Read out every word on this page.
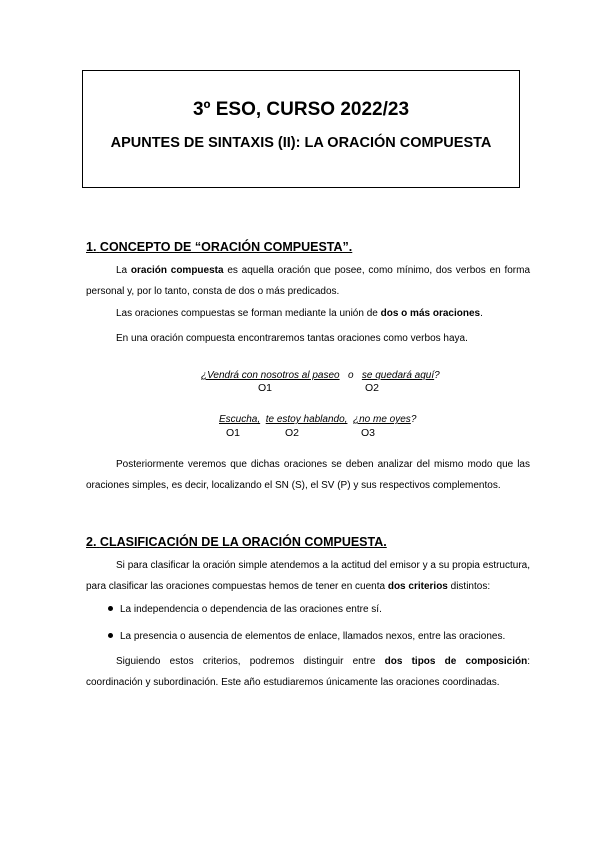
3º ESO, CURSO 2022/23
APUNTES DE SINTAXIS (II): LA ORACIÓN COMPUESTA
1. CONCEPTO DE “ORACIÓN COMPUESTA”.
La oración compuesta es aquella oración que posee, como mínimo, dos verbos en forma personal y, por lo tanto, consta de dos o más predicados.
Las oraciones compuestas se forman mediante la unión de dos o más oraciones.
En una oración compuesta encontraremos tantas oraciones como verbos haya.
¿Vendrá con nosotros al paseo o se quedará aquí?
O1	O2
Escucha, te estoy hablando, ¿no me oyes?
O1	O2	O3
Posteriormente veremos que dichas oraciones se deben analizar del mismo modo que las oraciones simples, es decir, localizando el SN (S), el SV (P) y sus respectivos complementos.
2. CLASIFICACIÓN DE LA ORACIÓN COMPUESTA.
Si para clasificar la oración simple atendemos a la actitud del emisor y a su propia estructura, para clasificar las oraciones compuestas hemos de tener en cuenta dos criterios distintos:
La independencia o dependencia de las oraciones entre sí.
La presencia o ausencia de elementos de enlace, llamados nexos, entre las oraciones.
Siguiendo estos criterios, podremos distinguir entre dos tipos de composición: coordinación y subordinación. Este año estudiaremos únicamente las oraciones coordinadas.
